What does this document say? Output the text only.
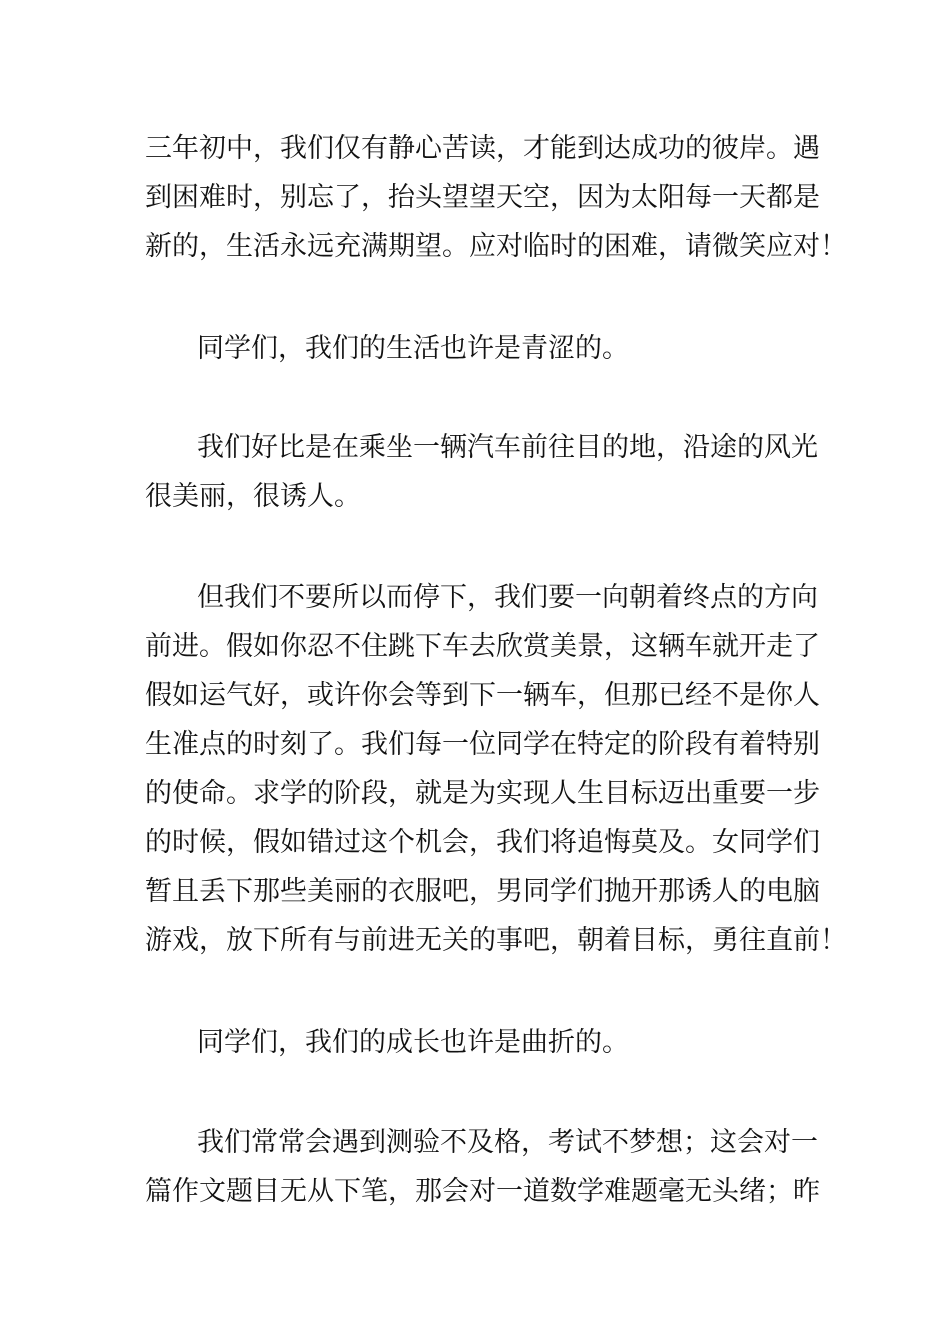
三年初中，我们仅有静心苦读，才能到达成功的彼岸。遇

到困难时，别忘了，抬头望望天空，因为太阳每一天都是

新的，生活永远充满期望。应对临时的困难，请微笑应对！

同学们，我们的生活也许是青涩的。

我们好比是在乘坐一辆汽车前往目的地，沿途的风光

很美丽，很诱人。

但我们不要所以而停下，我们要一向朝着终点的方向

前进。假如你忍不住跳下车去欣赏美景，这辆车就开走了

假如运气好，或许你会等到下一辆车，但那已经不是你人

生准点的时刻了。我们每一位同学在特定的阶段有着特别

的使命。求学的阶段，就是为实现人生目标迈出重要一步

的时候，假如错过这个机会，我们将追悔莫及。女同学们

暂且丢下那些美丽的衣服吧，男同学们抛开那诱人的电脑

游戏，放下所有与前进无关的事吧，朝着目标，勇往直前！

同学们，我们的成长也许是曲折的。

我们常常会遇到测验不及格，考试不梦想；这会对一

篇作文题目无从下笔，那会对一道数学难题毫无头绪；昨
